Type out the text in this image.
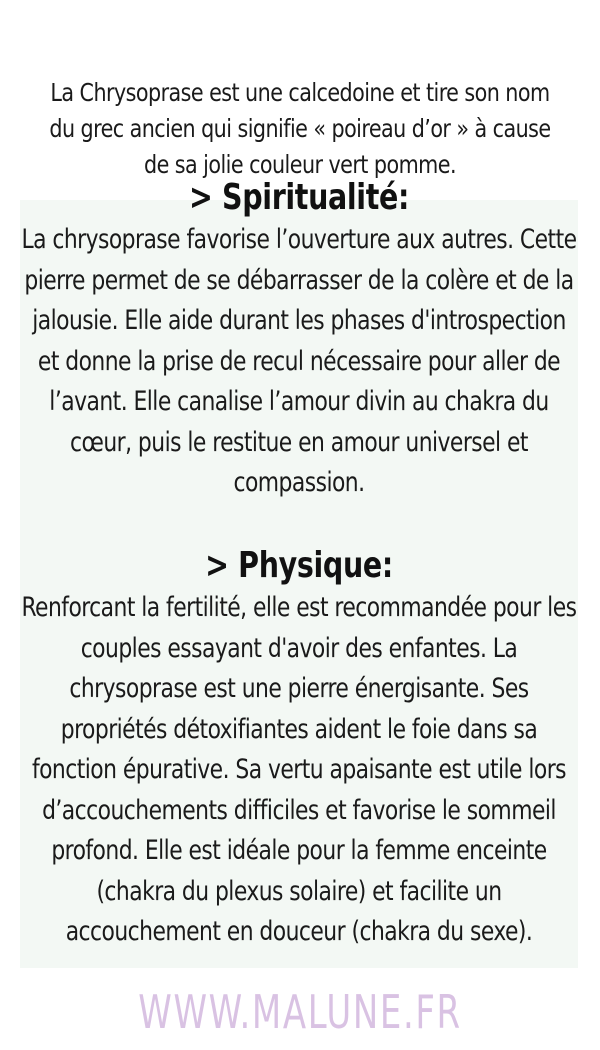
La Chrysoprase est une calcedoine et tire son nom du grec ancien qui signifie « poireau d’or » à cause de sa jolie couleur vert pomme.

> Spiritualité:
La chrysoprase favorise l’ouverture aux autres. Cette pierre permet de se débarrasser de la colère et de la jalousie. Elle aide durant les phases d'introspection et donne la prise de recul nécessaire pour aller de l’avant. Elle canalise l’amour divin au chakra du cœur, puis le restitue en amour universel et compassion.
> Physique:
Renforcant la fertilité, elle est recommandée pour les couples essayant d'avoir des enfantes. La chrysoprase est une pierre énergisante. Ses propriétés détoxifiantes aident le foie dans sa fonction épurative. Sa vertu apaisante est utile lors d’accouchements difficiles et favorise le sommeil profond. Elle est idéale pour la femme enceinte (chakra du plexus solaire) et facilite un accouchement en douceur (chakra du sexe).
WWW.MALUNE.FR
